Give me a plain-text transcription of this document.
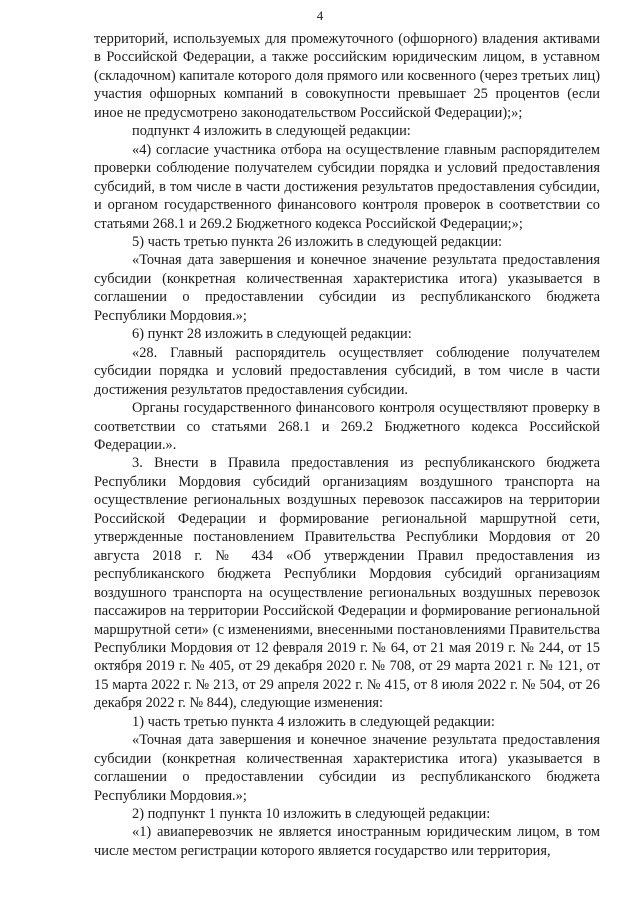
4

территорий, используемых для промежуточного (офшорного) владения активами в Российской Федерации, а также российским юридическим лицом, в уставном (складочном) капитале которого доля прямого или косвенного (через третьих лиц) участия офшорных компаний в совокупности превышает 25 процентов (если иное не предусмотрено законодательством Российской Федерации);»;

подпункт 4 изложить в следующей редакции:

«4) согласие участника отбора на осуществление главным распорядителем проверки соблюдение получателем субсидии порядка и условий предоставления субсидий, в том числе в части достижения результатов предоставления субсидии, и органом государственного финансового контроля проверок в соответствии со статьями 268.1 и 269.2 Бюджетного кодекса Российской Федерации;»;

5) часть третью пункта 26 изложить в следующей редакции:

«Точная дата завершения и конечное значение результата предоставления субсидии (конкретная количественная характеристика итога) указывается в соглашении о предоставлении субсидии из республиканского бюджета Республики Мордовия.»;

6) пункт 28 изложить в следующей редакции:

«28. Главный распорядитель осуществляет соблюдение получателем субсидии порядка и условий предоставления субсидий, в том числе в части достижения результатов предоставления субсидии.

Органы государственного финансового контроля осуществляют проверку в соответствии со статьями 268.1 и 269.2 Бюджетного кодекса Российской Федерации.».

3. Внести в Правила предоставления из республиканского бюджета Республики Мордовия субсидий организациям воздушного транспорта на осуществление региональных воздушных перевозок пассажиров на территории Российской Федерации и формирование региональной маршрутной сети, утвержденные постановлением Правительства Республики Мордовия от 20 августа 2018 г. № 434 «Об утверждении Правил предоставления из республиканского бюджета Республики Мордовия субсидий организациям воздушного транспорта на осуществление региональных воздушных перевозок пассажиров на территории Российской Федерации и формирование региональной маршрутной сети» (с изменениями, внесенными постановлениями Правительства Республики Мордовия от 12 февраля 2019 г. № 64, от 21 мая 2019 г. № 244, от 15 октября 2019 г. № 405, от 29 декабря 2020 г. № 708, от 29 марта 2021 г. № 121, от 15 марта 2022 г. № 213, от 29 апреля 2022 г. № 415, от 8 июля 2022 г. № 504, от 26 декабря 2022 г. № 844), следующие изменения:

1) часть третью пункта 4 изложить в следующей редакции:

«Точная дата завершения и конечное значение результата предоставления субсидии (конкретная количественная характеристика итога) указывается в соглашении о предоставлении субсидии из республиканского бюджета Республики Мордовия.»;

2) подпункт 1 пункта 10 изложить в следующей редакции:

«1) авиаперевозчик не является иностранным юридическим лицом, в том числе местом регистрации которого является государство или территория,
